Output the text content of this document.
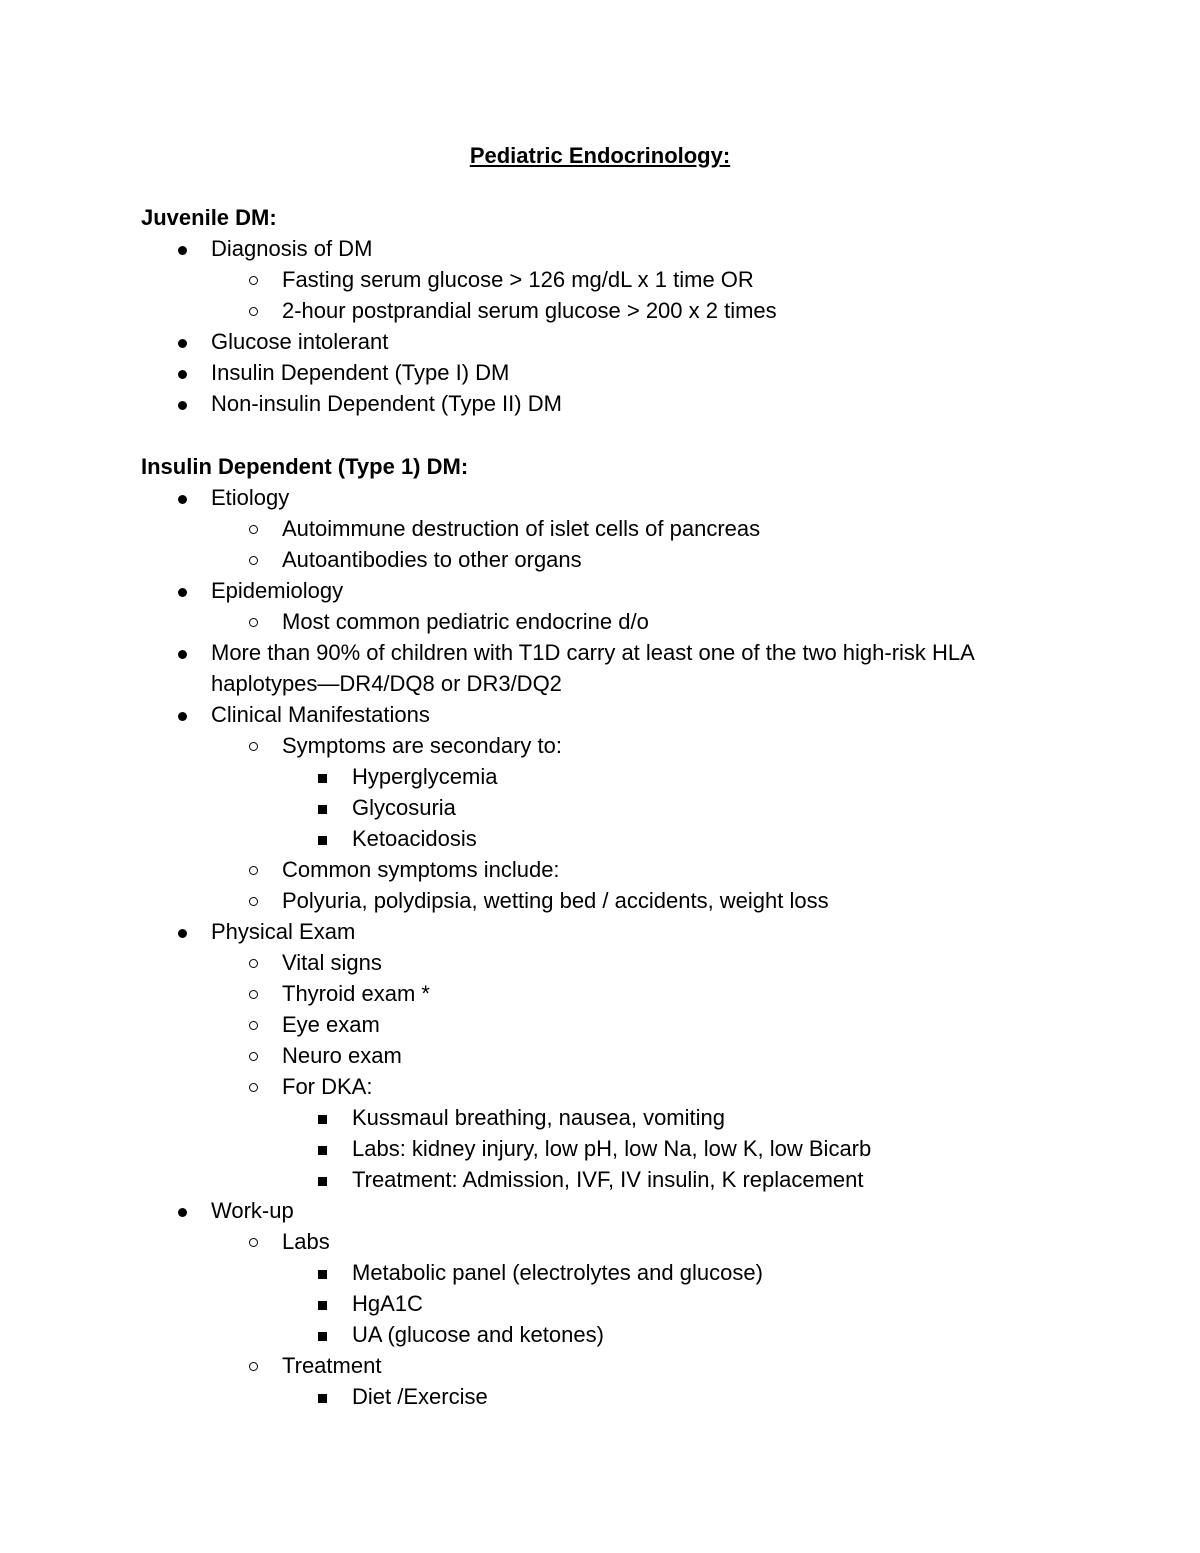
Pediatric Endocrinology:
Juvenile DM:
Diagnosis of DM
Fasting serum glucose > 126 mg/dL x 1 time OR
2-hour postprandial serum glucose > 200 x 2 times
Glucose intolerant
Insulin Dependent (Type I) DM
Non-insulin Dependent (Type II) DM
Insulin Dependent (Type 1) DM:
Etiology
Autoimmune destruction of islet cells of pancreas
Autoantibodies to other organs
Epidemiology
Most common pediatric endocrine d/o
More than 90% of children with T1D carry at least one of the two high-risk HLA haplotypes—DR4/DQ8 or DR3/DQ2
Clinical Manifestations
Symptoms are secondary to:
Hyperglycemia
Glycosuria
Ketoacidosis
Common symptoms include:
Polyuria, polydipsia, wetting bed / accidents, weight loss
Physical Exam
Vital signs
Thyroid exam *
Eye exam
Neuro exam
For DKA:
Kussmaul breathing, nausea, vomiting
Labs: kidney injury, low pH, low Na, low K, low Bicarb
Treatment: Admission, IVF, IV insulin, K replacement
Work-up
Labs
Metabolic panel (electrolytes and glucose)
HgA1C
UA (glucose and ketones)
Treatment
Diet /Exercise
